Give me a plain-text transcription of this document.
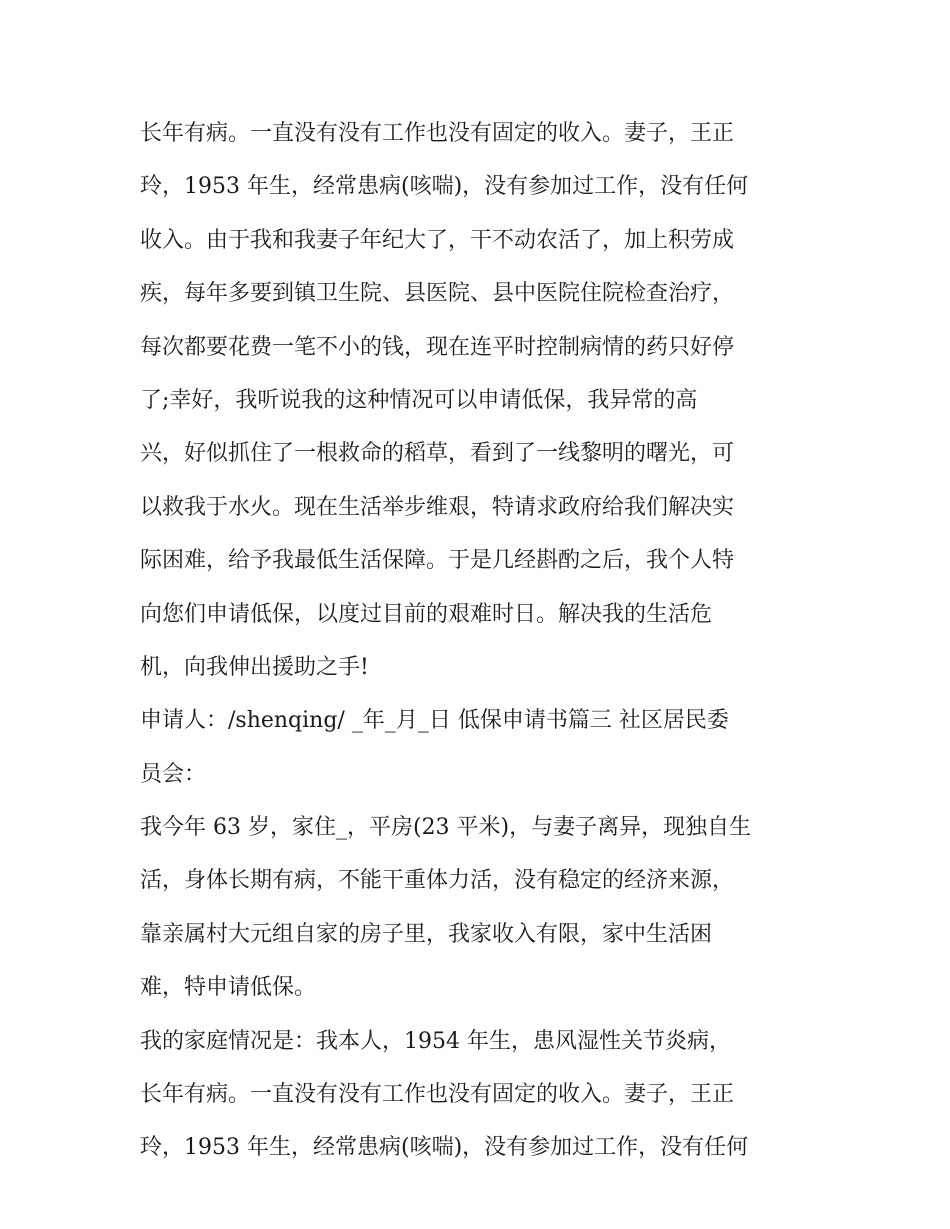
长年有病。一直没有没有工作也没有固定的收入。妻子，王正
玲，1953 年生，经常患病(咳喘)，没有参加过工作，没有任何
收入。由于我和我妻子年纪大了，干不动农活了，加上积劳成
疾，每年多要到镇卫生院、县医院、县中医院住院检查治疗，
每次都要花费一笔不小的钱，现在连平时控制病情的药只好停
了;幸好，我听说我的这种情况可以申请低保，我异常的高
兴，好似抓住了一根救命的稻草，看到了一线黎明的曙光，可
以救我于水火。现在生活举步维艰，特请求政府给我们解决实
际困难，给予我最低生活保障。于是几经斟酌之后，我个人特
向您们申请低保，以度过目前的艰难时日。解决我的生活危
机，向我伸出援助之手!
申请人：/shenqing/ _年_月_日 低保申请书篇三 社区居民委
员会：
我今年 63 岁，家住_，平房(23 平米)，与妻子离异，现独自生
活，身体长期有病，不能干重体力活，没有稳定的经济来源，
靠亲属村大元组自家的房子里，我家收入有限，家中生活困
难，特申请低保。
我的家庭情况是：我本人，1954 年生，患风湿性关节炎病，
长年有病。一直没有没有工作也没有固定的收入。妻子，王正
玲，1953 年生，经常患病(咳喘)，没有参加过工作，没有任何
